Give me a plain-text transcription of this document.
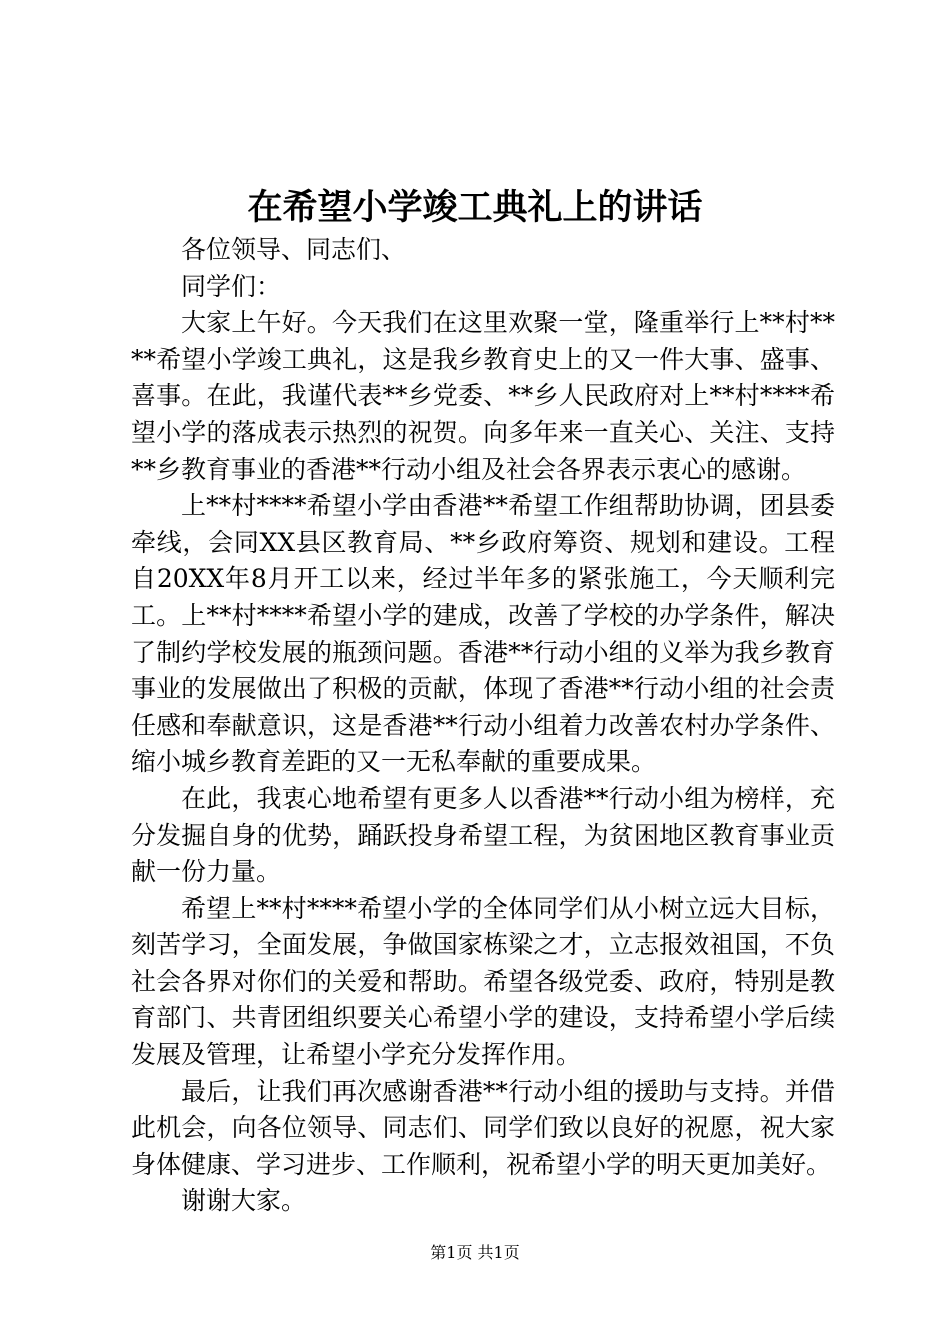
在希望小学竣工典礼上的讲话

各位领导、同志们、

同学们：

大家上午好。今天我们在这里欢聚一堂，隆重举行上**村****希望小学竣工典礼，这是我乡教育史上的又一件大事、盛事、喜事。在此，我谨代表**乡党委、**乡人民政府对上**村****希望小学的落成表示热烈的祝贺。向多年来一直关心、关注、支持**乡教育事业的香港**行动小组及社会各界表示衷心的感谢。

上**村****希望小学由香港**希望工作组帮助协调，团县委牵线，会同XX县区教育局、**乡政府筹资、规划和建设。工程自20XX年8月开工以来，经过半年多的紧张施工，今天顺利完工。上**村****希望小学的建成，改善了学校的办学条件，解决了制约学校发展的瓶颈问题。香港**行动小组的义举为我乡教育事业的发展做出了积极的贡献，体现了香港**行动小组的社会责任感和奉献意识，这是香港**行动小组着力改善农村办学条件、缩小城乡教育差距的又一无私奉献的重要成果。

在此，我衷心地希望有更多人以香港**行动小组为榜样，充分发掘自身的优势，踊跃投身希望工程，为贫困地区教育事业贡献一份力量。

希望上**村****希望小学的全体同学们从小树立远大目标，刻苦学习，全面发展，争做国家栋梁之才，立志报效祖国，不负社会各界对你们的关爱和帮助。希望各级党委、政府，特别是教育部门、共青团组织要关心希望小学的建设，支持希望小学后续发展及管理，让希望小学充分发挥作用。

最后，让我们再次感谢香港**行动小组的援助与支持。并借此机会，向各位领导、同志们、同学们致以良好的祝愿，祝大家身体健康、学习进步、工作顺利，祝希望小学的明天更加美好。

谢谢大家。

第1页 共1页
